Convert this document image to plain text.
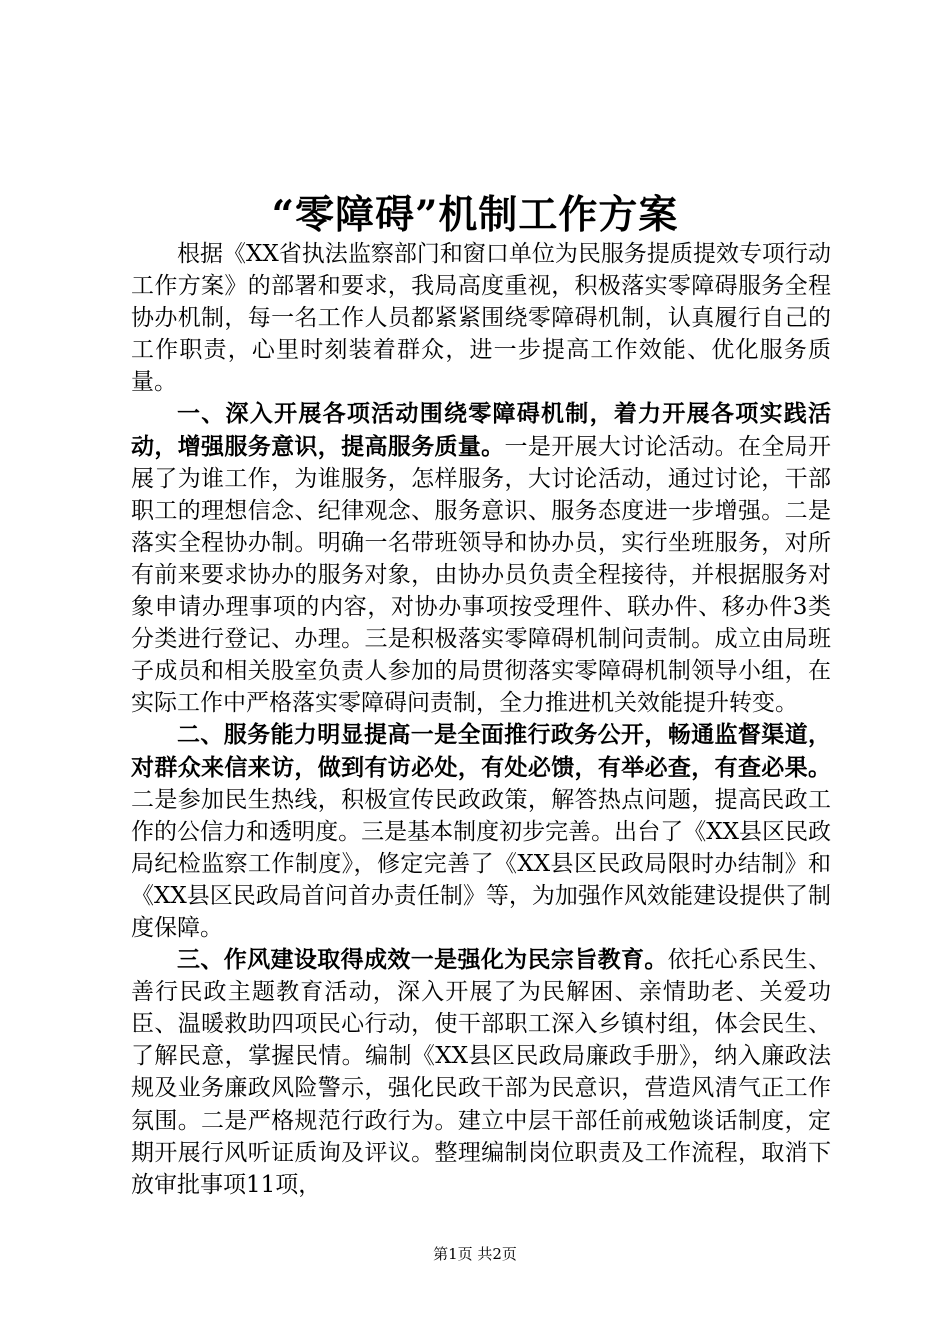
“零障碍”机制工作方案

根据《XX省执法监察部门和窗口单位为民服务提质提效专项行动工作方案》的部署和要求，我局高度重视，积极落实零障碍服务全程协办机制，每一名工作人员都紧紧围绕零障碍机制，认真履行自己的工作职责，心里时刻装着群众，进一步提高工作效能、优化服务质量。

一、深入开展各项活动围绕零障碍机制，着力开展各项实践活动，增强服务意识，提高服务质量。一是开展大讨论活动。在全局开展了为谁工作，为谁服务，怎样服务，大讨论活动，通过讨论，干部职工的理想信念、纪律观念、服务意识、服务态度进一步增强。二是落实全程协办制。明确一名带班领导和协办员，实行坐班服务，对所有前来要求协办的服务对象，由协办员负责全程接待，并根据服务对象申请办理事项的内容，对协办事项按受理件、联办件、移办件3类分类进行登记、办理。三是积极落实零障碍机制问责制。成立由局班子成员和相关股室负责人参加的局贯彻落实零障碍机制领导小组，在实际工作中严格落实零障碍问责制，全力推进机关效能提升转变。

二、服务能力明显提高一是全面推行政务公开，畅通监督渠道，对群众来信来访，做到有访必处，有处必馈，有举必查，有查必果。二是参加民生热线，积极宣传民政政策，解答热点问题，提高民政工作的公信力和透明度。三是基本制度初步完善。出台了《XX县区民政局纪检监察工作制度》，修定完善了《XX县区民政局限时办结制》和《XX县区民政局首问首办责任制》等，为加强作风效能建设提供了制度保障。

三、作风建设取得成效一是强化为民宗旨教育。依托心系民生、善行民政主题教育活动，深入开展了为民解困、亲情助老、关爱功臣、温暖救助四项民心行动，使干部职工深入乡镇村组，体会民生、了解民意，掌握民情。编制《XX县区民政局廉政手册》，纳入廉政法规及业务廉政风险警示，强化民政干部为民意识，营造风清气正工作氛围。二是严格规范行政行为。建立中层干部任前戒勉谈话制度，定期开展行风听证质询及评议。整理编制岗位职责及工作流程，取消下放审批事项11项，

第1页 共2页
